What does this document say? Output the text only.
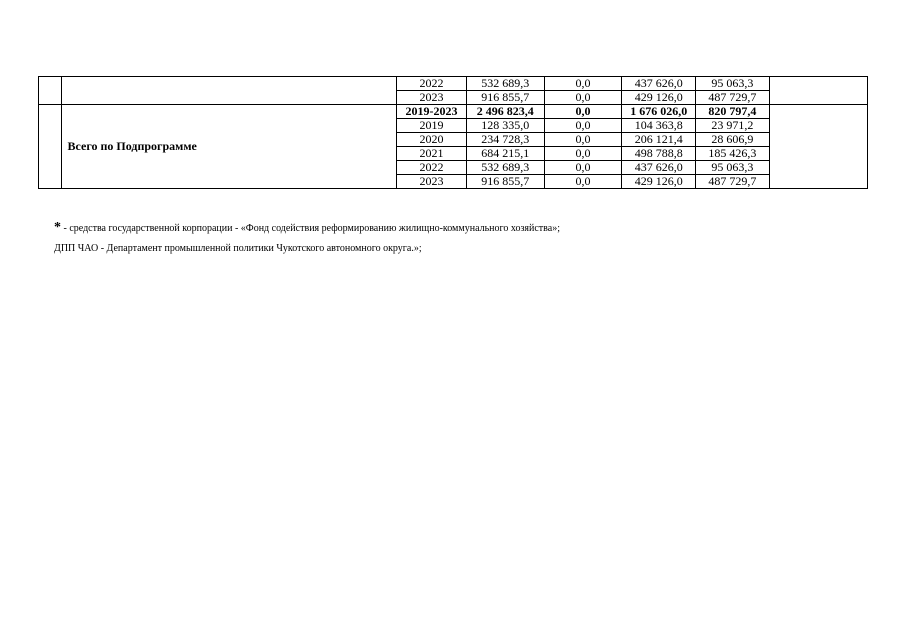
		2022	532 689,3	0,0	437 626,0	95 063,3	
		2023	916 855,7	0,0	429 126,0	487 729,7	
	Всего по Подпрограмме	2019-2023	2 496 823,4	0,0	1 676 026,0	820 797,4	
		2019	128 335,0	0,0	104 363,8	23 971,2	
		2020	234 728,3	0,0	206 121,4	28 606,9	
		2021	684 215,1	0,0	498 788,8	185 426,3	
		2022	532 689,3	0,0	437 626,0	95 063,3	
		2023	916 855,7	0,0	429 126,0	487 729,7	

* - средства государственной корпорации - «Фонд содействия реформированию жилищно-коммунального хозяйства»;

ДПП ЧАО - Департамент промышленной политики Чукотского автономного округа.»;
